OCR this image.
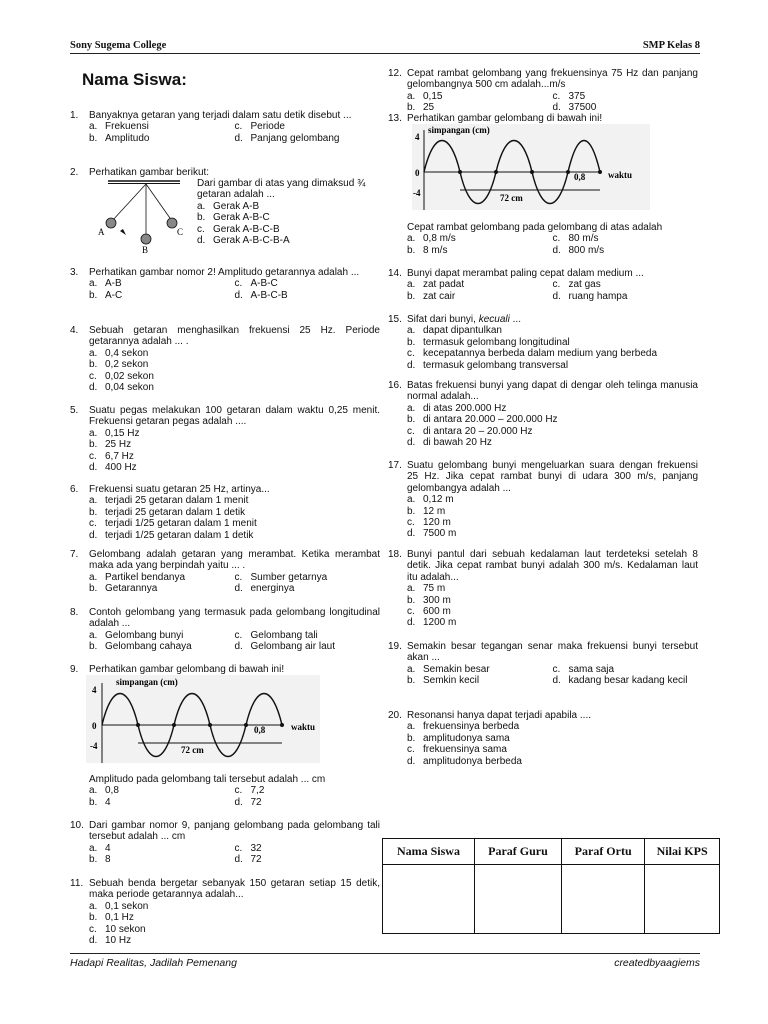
Sony Sugema College	SMP Kelas 8
Nama Siswa:
1. Banyaknya getaran yang terjadi dalam satu detik disebut ...
a. Frekuensi	c. Periode
b. Amplitudo	d. Panjang gelombang
2. Perhatikan gambar berikut:
A
B
C
Dari gambar di atas yang dimaksud ¾ getaran adalah ...
a. Gerak A-B
b. Gerak A-B-C
c. Gerak A-B-C-B
d. Gerak A-B-C-B-A
3. Perhatikan gambar nomor 2! Amplitudo getarannya adalah ...
a. A-B	c. A-B-C
b. A-C	d. A-B-C-B
4. Sebuah getaran menghasilkan frekuensi 25 Hz. Periode getarannya adalah ... .
a. 0,4 sekon
b. 0,2 sekon
c. 0,02 sekon
d. 0,04 sekon
5. Suatu pegas melakukan 100 getaran dalam waktu 0,25 menit. Frekuensi getaran pegas adalah ....
a. 0,15 Hz
b. 25 Hz
c. 6,7 Hz
d. 400 Hz
6. Frekuensi suatu getaran 25 Hz, artinya...
a. terjadi 25 getaran dalam 1 menit
b. terjadi 25 getaran dalam 1 detik
c. terjadi 1/25 getaran dalam 1 menit
d. terjadi 1/25 getaran dalam 1 detik
7. Gelombang adalah getaran yang merambat. Ketika merambat maka ada yang berpindah yaitu ... .
a. Partikel bendanya	c. Sumber getarnya
b. Getarannya	d. energinya
8. Contoh gelombang yang termasuk pada gelombang longitudinal adalah ...
a. Gelombang bunyi	c. Gelombang tali
b. Gelombang cahaya	d. Gelombang air laut
9. Perhatikan gambar gelombang di bawah ini!
simpangan (cm)
4
0
-4
0,8	waktu
72 cm
Amplitudo pada gelombang tali tersebut adalah ... cm
a. 0,8	c. 7,2
b. 4	d. 72
10. Dari gambar nomor 9, panjang gelombang pada gelombang tali tersebut adalah ... cm
a. 4	c. 32
b. 8	d. 72
11. Sebuah benda bergetar sebanyak 150 getaran setiap 15 detik, maka periode getarannya adalah...
a. 0,1 sekon
b. 0,1 Hz
c. 10 sekon
d. 10 Hz
12. Cepat rambat gelombang yang frekuensinya 75 Hz dan panjang gelombangnya 500 cm adalah...m/s
a. 0,15	c. 375
b. 25	d. 37500
13. Perhatikan gambar gelombang di bawah ini!
simpangan (cm)
4
0
-4
0,8	waktu
72 cm
Cepat rambat gelombang pada gelombang di atas adalah
a. 0,8 m/s	c. 80 m/s
b. 8 m/s	d. 800 m/s
14. Bunyi dapat merambat paling cepat dalam medium ...
a. zat padat	c. zat gas
b. zat cair	d. ruang hampa
15. Sifat dari bunyi, kecuali ...
a. dapat dipantulkan
b. termasuk gelombang longitudinal
c. kecepatannya berbeda dalam medium yang berbeda
d. termasuk gelombang transversal
16. Batas frekuensi bunyi yang dapat di dengar oleh telinga manusia normal adalah...
a. di atas 200.000 Hz
b. di antara 20.000 – 200.000 Hz
c. di antara 20 – 20.000 Hz
d. di bawah 20 Hz
17. Suatu gelombang bunyi mengeluarkan suara dengan frekuensi 25 Hz. Jika cepat rambat bunyi di udara 300 m/s, panjang gelombangya adalah ...
a. 0,12 m
b. 12 m
c. 120 m
d. 7500 m
18. Bunyi pantul dari sebuah kedalaman laut terdeteksi setelah 8 detik. Jika cepat rambat bunyi adalah 300 m/s. Kedalaman laut itu adalah...
a. 75 m
b. 300 m
c. 600 m
d. 1200 m
19. Semakin besar tegangan senar maka frekuensi bunyi tersebut akan ...
a. Semakin besar	c. sama saja
b. Semkin kecil	d. kadang besar kadang kecil
20. Resonansi hanya dapat terjadi apabila ....
a. frekuensinya berbeda
b. amplitudonya sama
c. frekuensinya sama
d. amplitudonya berbeda
Nama Siswa	Paraf Guru	Paraf Ortu	Nilai KPS

Hadapi Realitas, Jadilah Pemenang	createdbyaagiems
